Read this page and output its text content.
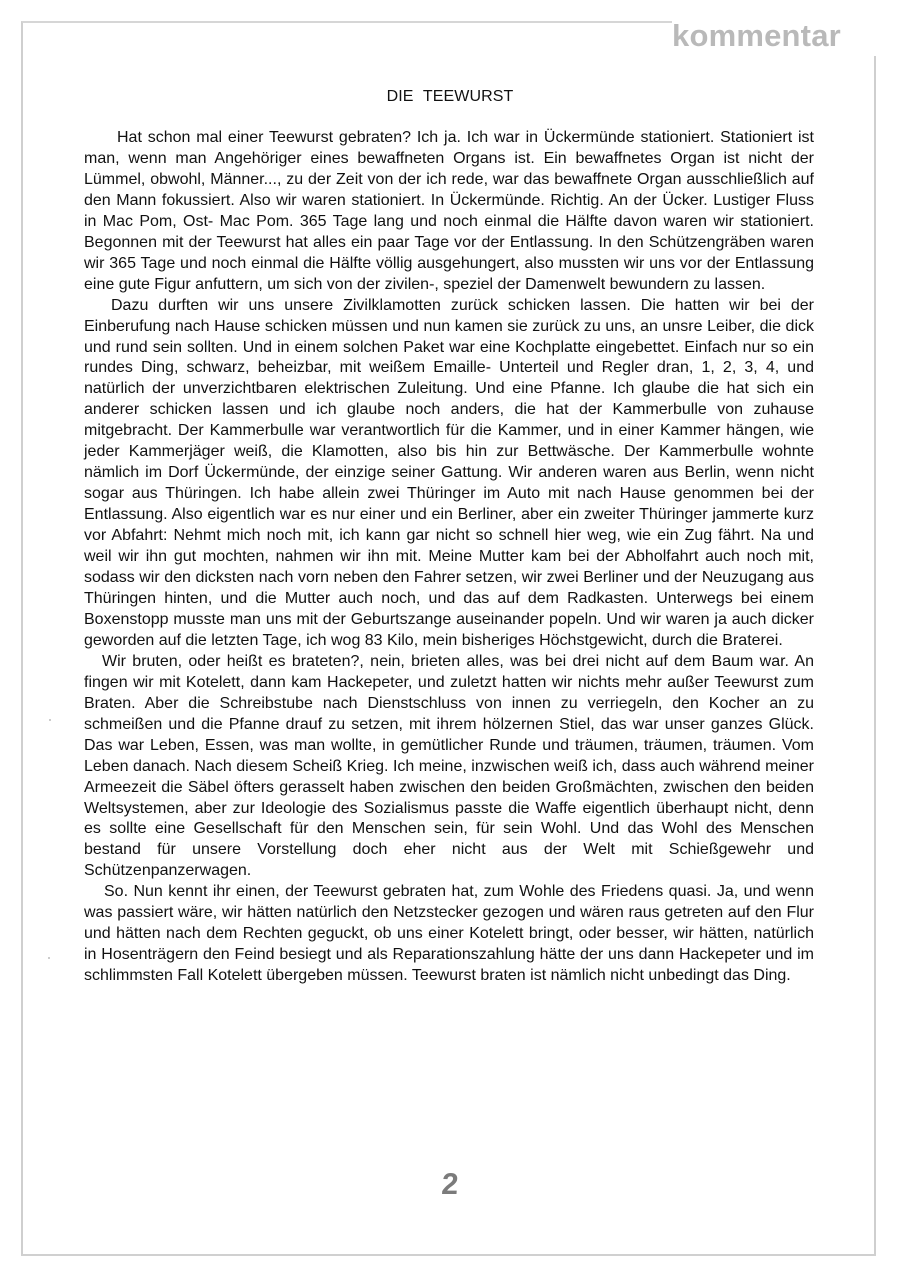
kommentar
DIE TEEWURST

Hat schon mal einer Teewurst gebraten? Ich ja. Ich war in Ückermünde stationiert. Stationiert ist man, wenn man Angehöriger eines bewaffneten Organs ist. Ein bewaffnetes Organ ist nicht der Lümmel, obwohl, Männer..., zu der Zeit von der ich rede, war das bewaffnete Organ ausschließlich auf den Mann fokussiert. Also wir waren stationiert. In Ückermünde. Richtig. An der Ücker. Lustiger Fluss in Mac Pom, Ost- Mac Pom. 365 Tage lang und noch einmal die Hälfte davon waren wir stationiert. Begonnen mit der Teewurst hat alles ein paar Tage vor der Entlassung. In den Schützengräben waren wir 365 Tage und noch einmal die Hälfte völlig ausgehungert, also mussten wir uns vor der Entlassung eine gute Figur anfuttern, um sich von der zivilen-, speziel der Damenwelt bewundern zu lassen.

Dazu durften wir uns unsere Zivilklamotten zurück schicken lassen. Die hatten wir bei der Einberufung nach Hause schicken müssen und nun kamen sie zurück zu uns, an unsre Leiber, die dick und rund sein sollten. Und in einem solchen Paket war eine Kochplatte eingebettet. Einfach nur so ein rundes Ding, schwarz, beheizbar, mit weißem Emaille- Unterteil und Regler dran, 1, 2, 3, 4, und natürlich der unverzichtbaren elektrischen Zuleitung. Und eine Pfanne. Ich glaube die hat sich ein anderer schicken lassen und ich glaube noch anders, die hat der Kammerbulle von zuhause mitgebracht. Der Kammerbulle war verantwortlich für die Kammer, und in einer Kammer hängen, wie jeder Kammerjäger weiß, die Klamotten, also bis hin zur Bettwäsche. Der Kammerbulle wohnte nämlich im Dorf Ückermünde, der einzige seiner Gattung. Wir anderen waren aus Berlin, wenn nicht sogar aus Thüringen. Ich habe allein zwei Thüringer im Auto mit nach Hause genommen bei der Entlassung. Also eigentlich war es nur einer und ein Berliner, aber ein zweiter Thüringer jammerte kurz vor Abfahrt: Nehmt mich noch mit, ich kann gar nicht so schnell hier weg, wie ein Zug fährt. Na und weil wir ihn gut mochten, nahmen wir ihn mit. Meine Mutter kam bei der Abholfahrt auch noch mit, sodass wir den dicksten nach vorn neben den Fahrer setzen, wir zwei Berliner und der Neuzugang aus Thüringen hinten, und die Mutter auch noch, und das auf dem Radkasten. Unterwegs bei einem Boxenstopp musste man uns mit der Geburtszange auseinander popeln. Und wir waren ja auch dicker geworden auf die letzten Tage, ich wog 83 Kilo, mein bisheriges Höchstgewicht, durch die Braterei.

Wir bruten, oder heißt es brateten?, nein, brieten alles, was bei drei nicht auf dem Baum war. An fingen wir mit Kotelett, dann kam Hackepeter, und zuletzt hatten wir nichts mehr außer Teewurst zum Braten. Aber die Schreibstube nach Dienstschluss von innen zu verriegeln, den Kocher an zu schmeißen und die Pfanne drauf zu setzen, mit ihrem hölzernen Stiel, das war unser ganzes Glück. Das war Leben, Essen, was man wollte, in gemütlicher Runde und träumen, träumen, träumen. Vom Leben danach. Nach diesem Scheiß Krieg. Ich meine, inzwischen weiß ich, dass auch während meiner Armeezeit die Säbel öfters gerasselt haben zwischen den beiden Großmächten, zwischen den beiden Weltsystemen, aber zur Ideologie des Sozialismus passte die Waffe eigentlich überhaupt nicht, denn es sollte eine Gesellschaft für den Menschen sein, für sein Wohl. Und das Wohl des Menschen bestand für unsere Vorstellung doch eher nicht aus der Welt mit Schießgewehr und Schützenpanzerwagen.

So. Nun kennt ihr einen, der Teewurst gebraten hat, zum Wohle des Friedens quasi. Ja, und wenn was passiert wäre, wir hätten natürlich den Netzstecker gezogen und wären raus getreten auf den Flur und hätten nach dem Rechten geguckt, ob uns einer Kotelett bringt, oder besser, wir hätten, natürlich in Hosenträgern den Feind besiegt und als Reparationszahlung hätte der uns dann Hackepeter und im schlimmsten Fall Kotelett übergeben müssen. Teewurst braten ist nämlich nicht unbedingt das Ding.

2
